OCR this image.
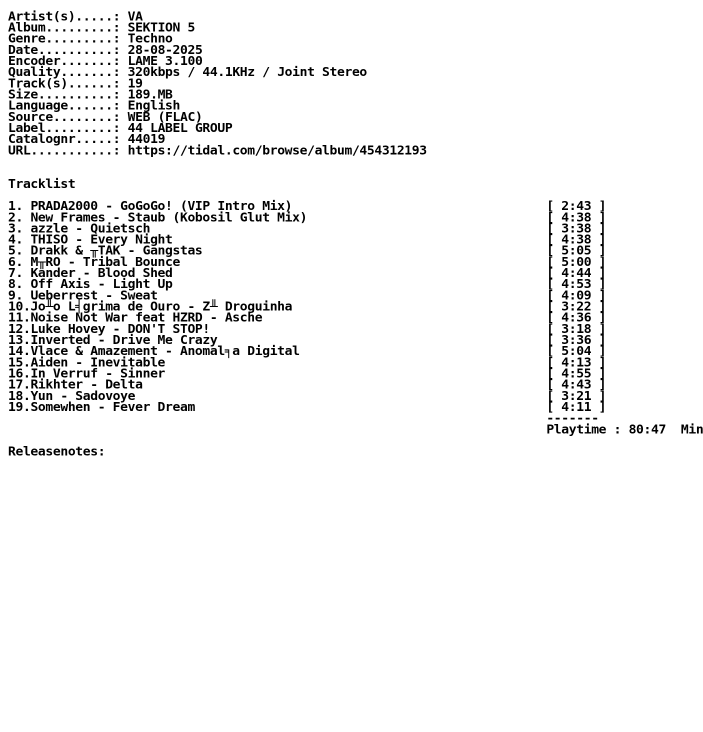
Artist(s).....: VA
Album.........: SEKTION 5
Genre.........: Techno
Date..........: 28-08-2025
Encoder.......: LAME 3.100
Quality.......: 320kbps / 44.1KHz / Joint Stereo
Track(s)......: 19
Size..........: 189.MB
Language......: English
Source........: WEB (FLAC)
Label.........: 44 LABEL GROUP
Catalognr.....: 44019
URL...........: https://tidal.com/browse/album/454312193

Tracklist

1. PRADA2000 - GoGoGo! (VIP Intro Mix)	[ 2:43 ]
2. New Frames - Staub (Kobosil Glut Mix)	[ 4:38 ]
3. azzle - Quietsch	[ 3:38 ]
4. THISO - Every Night	[ 4:38 ]
5. Drakk & ╥TAK - Gangstas	[ 5:05 ]
6. M╥RO - Tribal Bounce	[ 5:00 ]
7. Kander - Blood Shed	[ 4:44 ]
8. Off Axis - Light Up	[ 4:53 ]
9. Ueberrest - Sweat	[ 4:09 ]
10.Jo╨o L╡grima de Ouro - Z╨ Droguinha	[ 3:22 ]
11.Noise Not War feat HZRD - Asche	[ 4:36 ]
12.Luke Hovey - DON'T STOP!	[ 3:18 ]
13.Inverted - Drive Me Crazy	[ 3:36 ]
14.Vlace & Amazement - Anomal╕a Digital	[ 5:04 ]
15.Aiden - Inevitable	[ 4:13 ]
16.In Verruf - Sinner	[ 4:55 ]
17.Rikhter - Delta	[ 4:43 ]
18.Yun - Sadovoye	[ 3:21 ]
19.Somewhen - Fever Dream	[ 4:11 ]
-------
Playtime : 80:47  Min

Releasenotes:
